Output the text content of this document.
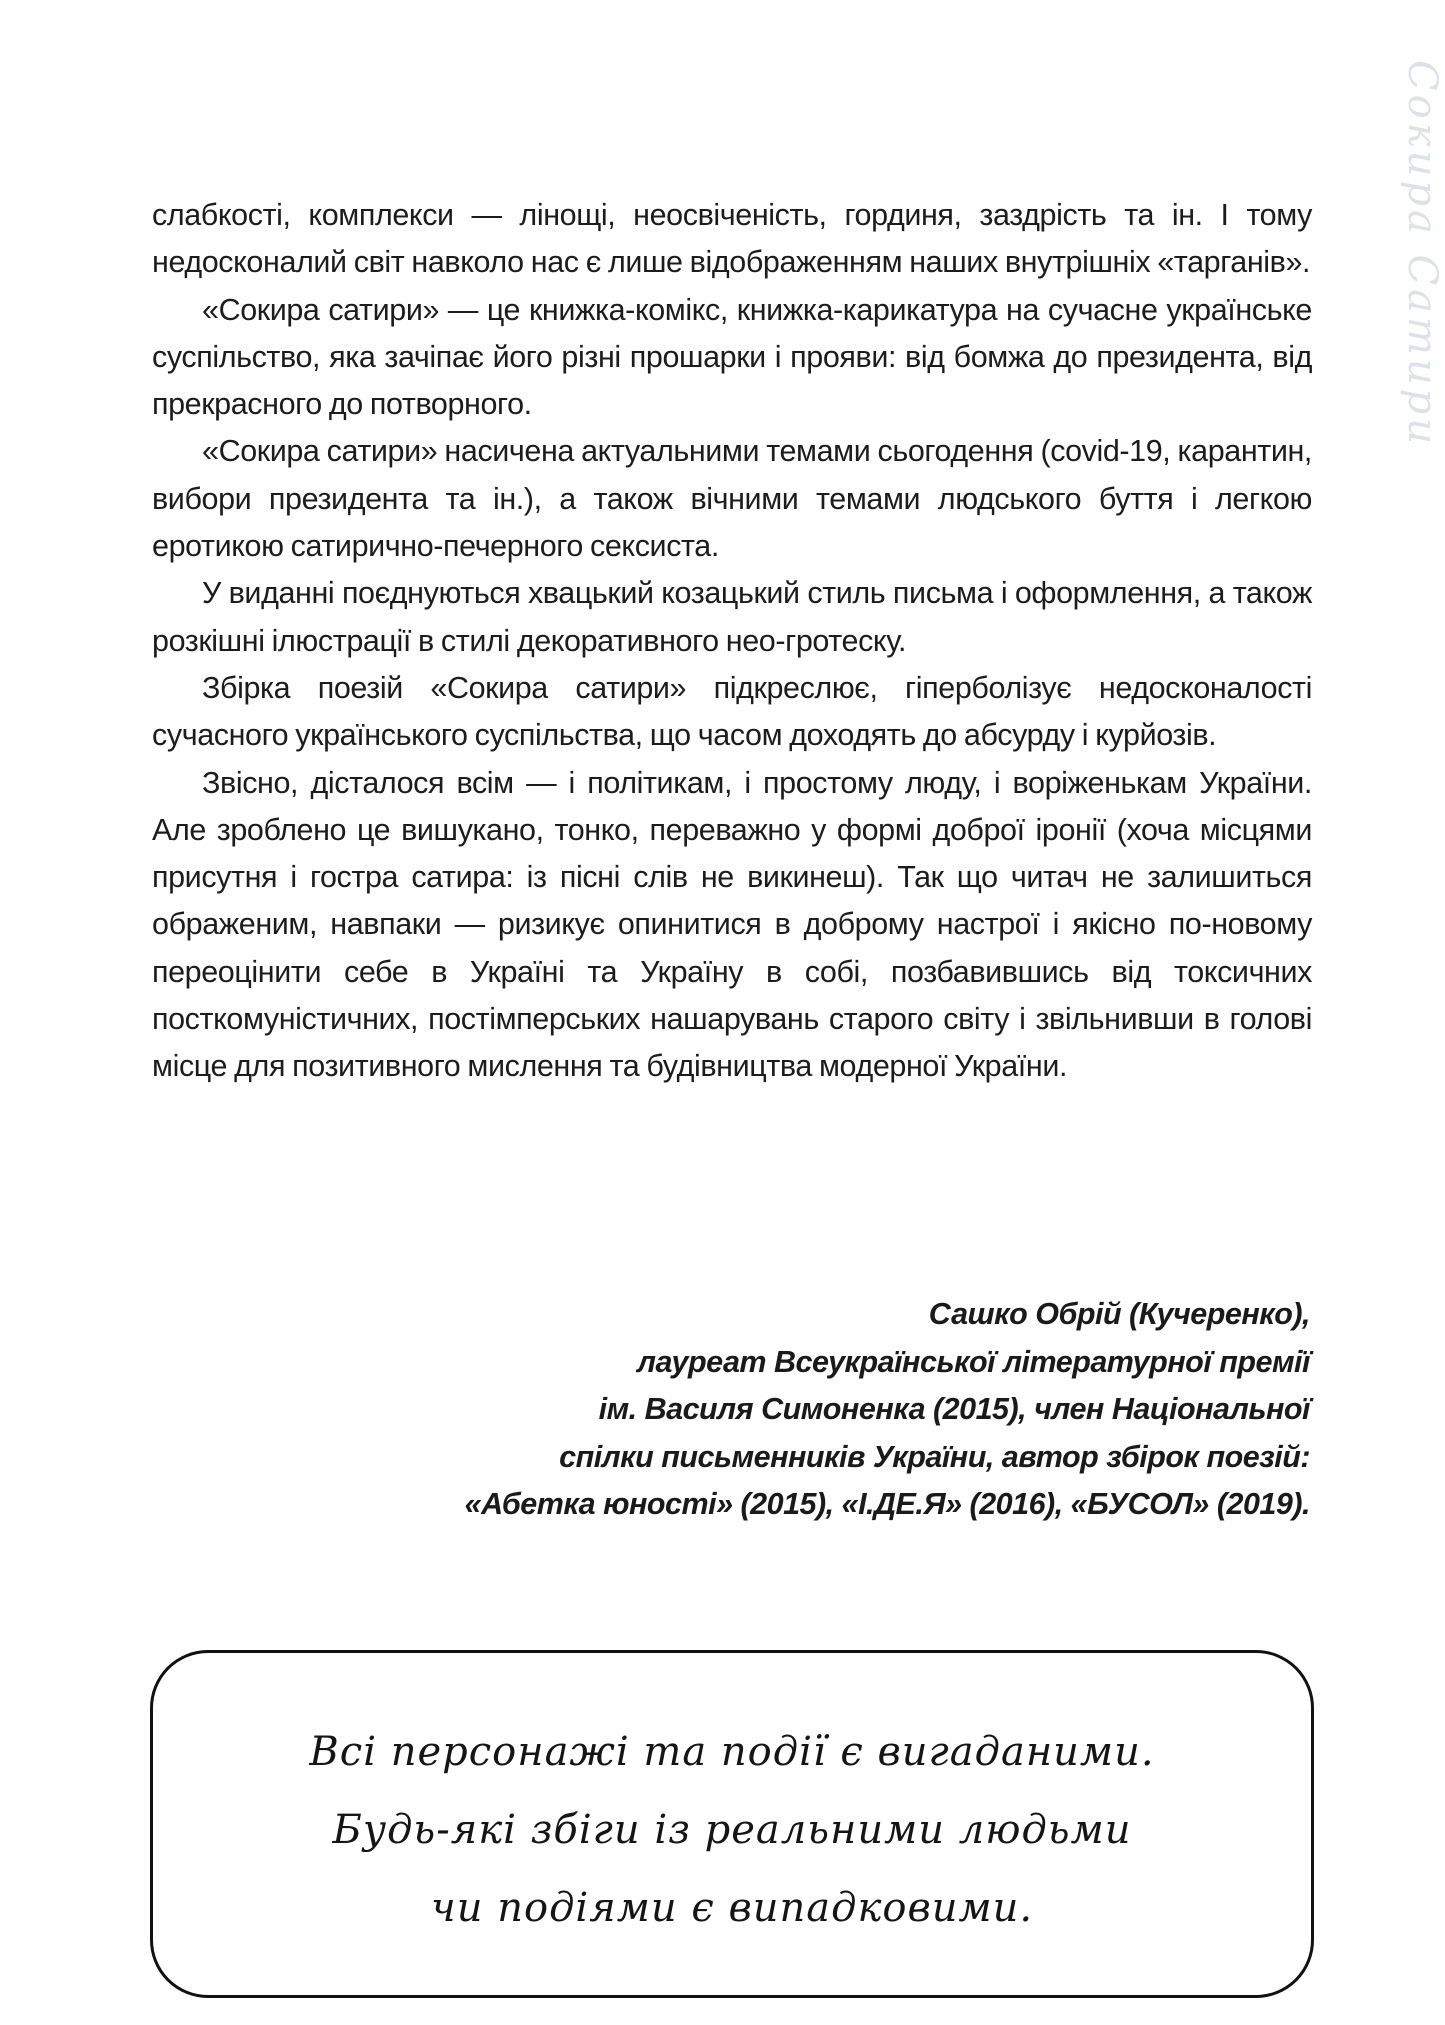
Сокира Сатири

слабкості, комплекси — лінощі, неосвіченість, гординя, заздрість та ін. І тому недосконалий світ навколо нас є лише відображенням наших внутрішніх «тарганів».

«Сокира сатири» — це книжка-комікс, книжка-карикатура на сучасне українське суспільство, яка зачіпає його різні прошарки і прояви: від бомжа до президента, від прекрасного до потворного.

«Сокира сатири» насичена актуальними темами сьогодення (covid-19, карантин, вибори президента та ін.), а також вічними темами людського буття і легкою еротикою сатирично-печерного сексиста.

У виданні поєднуються хвацький козацький стиль письма і оформлення, а також розкішні ілюстрації в стилі декоративного нео-гротеску.

Збірка поезій «Сокира сатири» підкреслює, гіперболізує недосконалості сучасного українського суспільства, що часом доходять до абсурду і курйозів.

Звісно, дісталося всім — і політикам, і простому люду, і воріженькам України. Але зроблено це вишукано, тонко, переважно у формі доброї іронії (хоча місцями присутня і гостра сатира: із пісні слів не викинеш). Так що читач не залишиться ображеним, навпаки — ризикує опинитися в доброму настрої і якісно по-новому переоцінити себе в Україні та Україну в собі, позбавившись від токсичних посткомуністичних, постімперських нашарувань старого світу і звільнивши в голові місце для позитивного мислення та будівництва модерної України.

Сашко Обрій (Кучеренко),
лауреат Всеукраїнської літературної премії
ім. Василя Симоненка (2015), член Національної
спілки письменників України, автор збірок поезій:
«Абетка юності» (2015), «І.ДЕ.Я» (2016), «БУСОЛ» (2019).
Всі персонажі та події є вигаданими.
Будь-які збіги із реальними людьми
чи подіями є випадковими.
